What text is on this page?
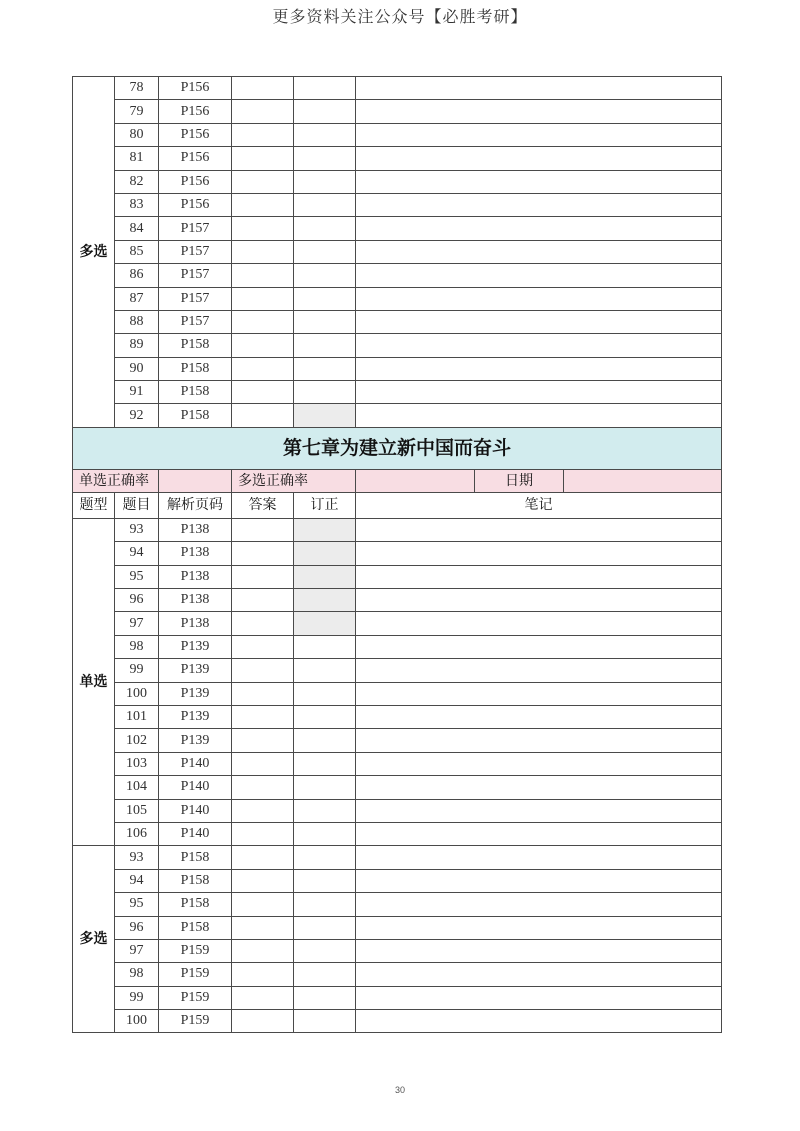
更多资料关注公众号【必胜考研】
多选	78	P156			
	79	P156			
	80	P156			
	81	P156			
	82	P156			
	83	P156			
	84	P157			
	85	P157			
	86	P157			
	87	P157			
	88	P157			
	89	P158			
	90	P158			
	91	P158			
	92	P158			
第七章为建立新中国而奋斗					
单选正确率			多选正确率		日期

题型	题目	解析页码	答案	订正	笔记
单选	93	P138			
	94	P138			
	95	P138			
	96	P138			
	97	P138			
	98	P139			
	99	P139			
	100	P139			
	101	P139			
	102	P139			
	103	P140			
	104	P140			
	105	P140			
	106	P140			
多选	93	P158			
	94	P158			
	95	P158			
	96	P158			
	97	P159			
	98	P159			
	99	P159			
	100	P159			
30
